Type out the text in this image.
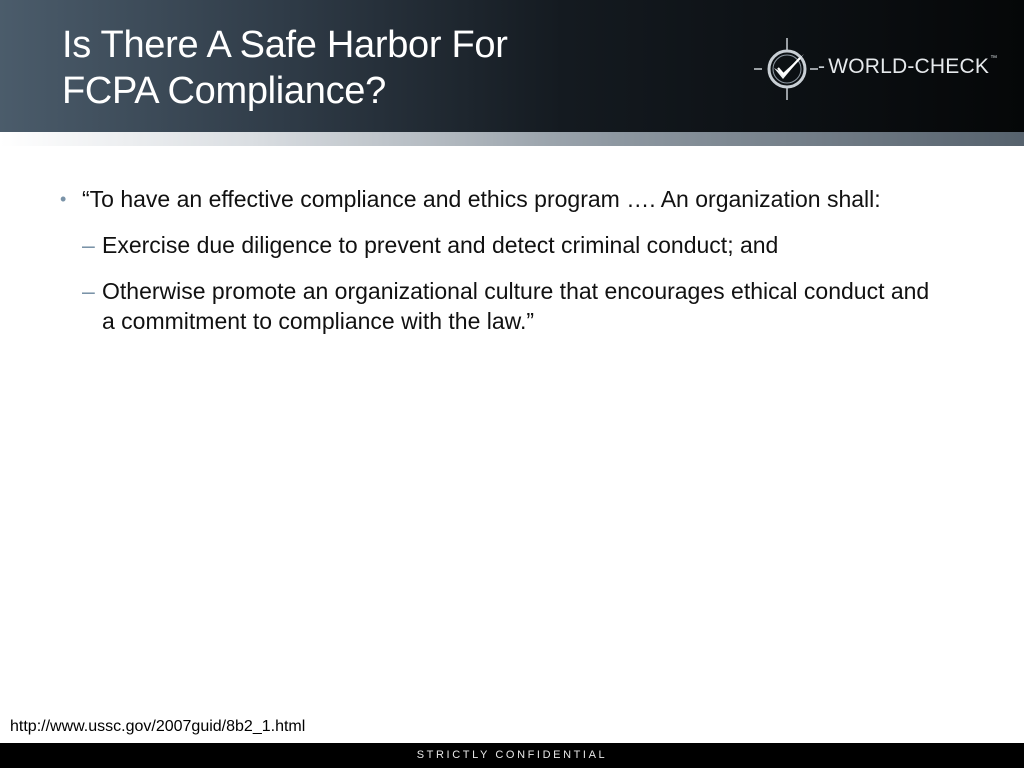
Is There A Safe Harbor For
FCPA Compliance?
- WORLD-CHECK™
• “To have an effective compliance and ethics program …. An organization shall:
– Exercise due diligence to prevent and detect criminal conduct; and
– Otherwise promote an organizational culture that encourages ethical conduct and a commitment to compliance with the law.”
http://www.ussc.gov/2007guid/8b2_1.html
STRICTLY CONFIDENTIAL
